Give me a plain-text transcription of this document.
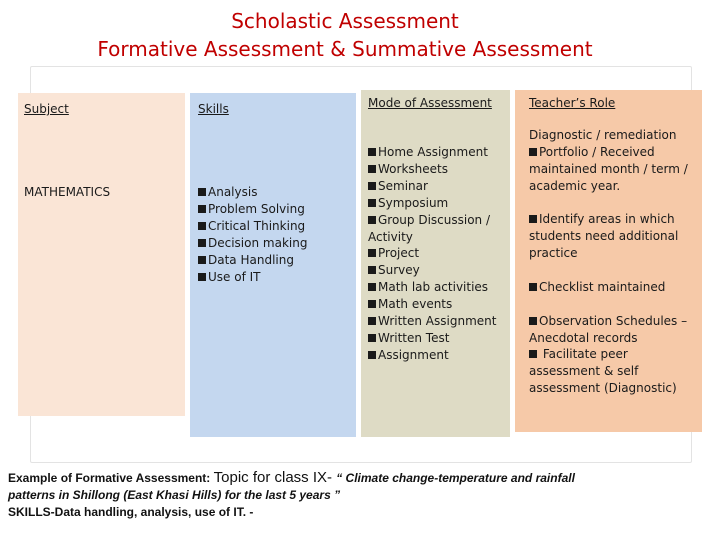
Scholastic Assessment
Formative Assessment & Summative Assessment
Subject
MATHEMATICS
Skills
Analysis
Problem Solving
Critical Thinking
Decision making
Data Handling
Use of IT
Mode of Assessment
Home Assignment
Worksheets
Seminar
Symposium
Group Discussion / Activity
Project
Survey
Math lab activities
Math events
Written Assignment
Written Test
Assignment
Teacher’s Role
Diagnostic / remediation
Portfolio / Received maintained month / term / academic year.
Identify areas in which students need additional practice
Checklist maintained
Observation Schedules – Anecdotal records
Facilitate peer assessment & self assessment (Diagnostic)
Example of Formative Assessment: Topic for class IX- “ Climate change-temperature and rainfall
patterns in Shillong (East Khasi Hills) for the last 5 years ”
SKILLS-Data handling, analysis, use of IT. -
